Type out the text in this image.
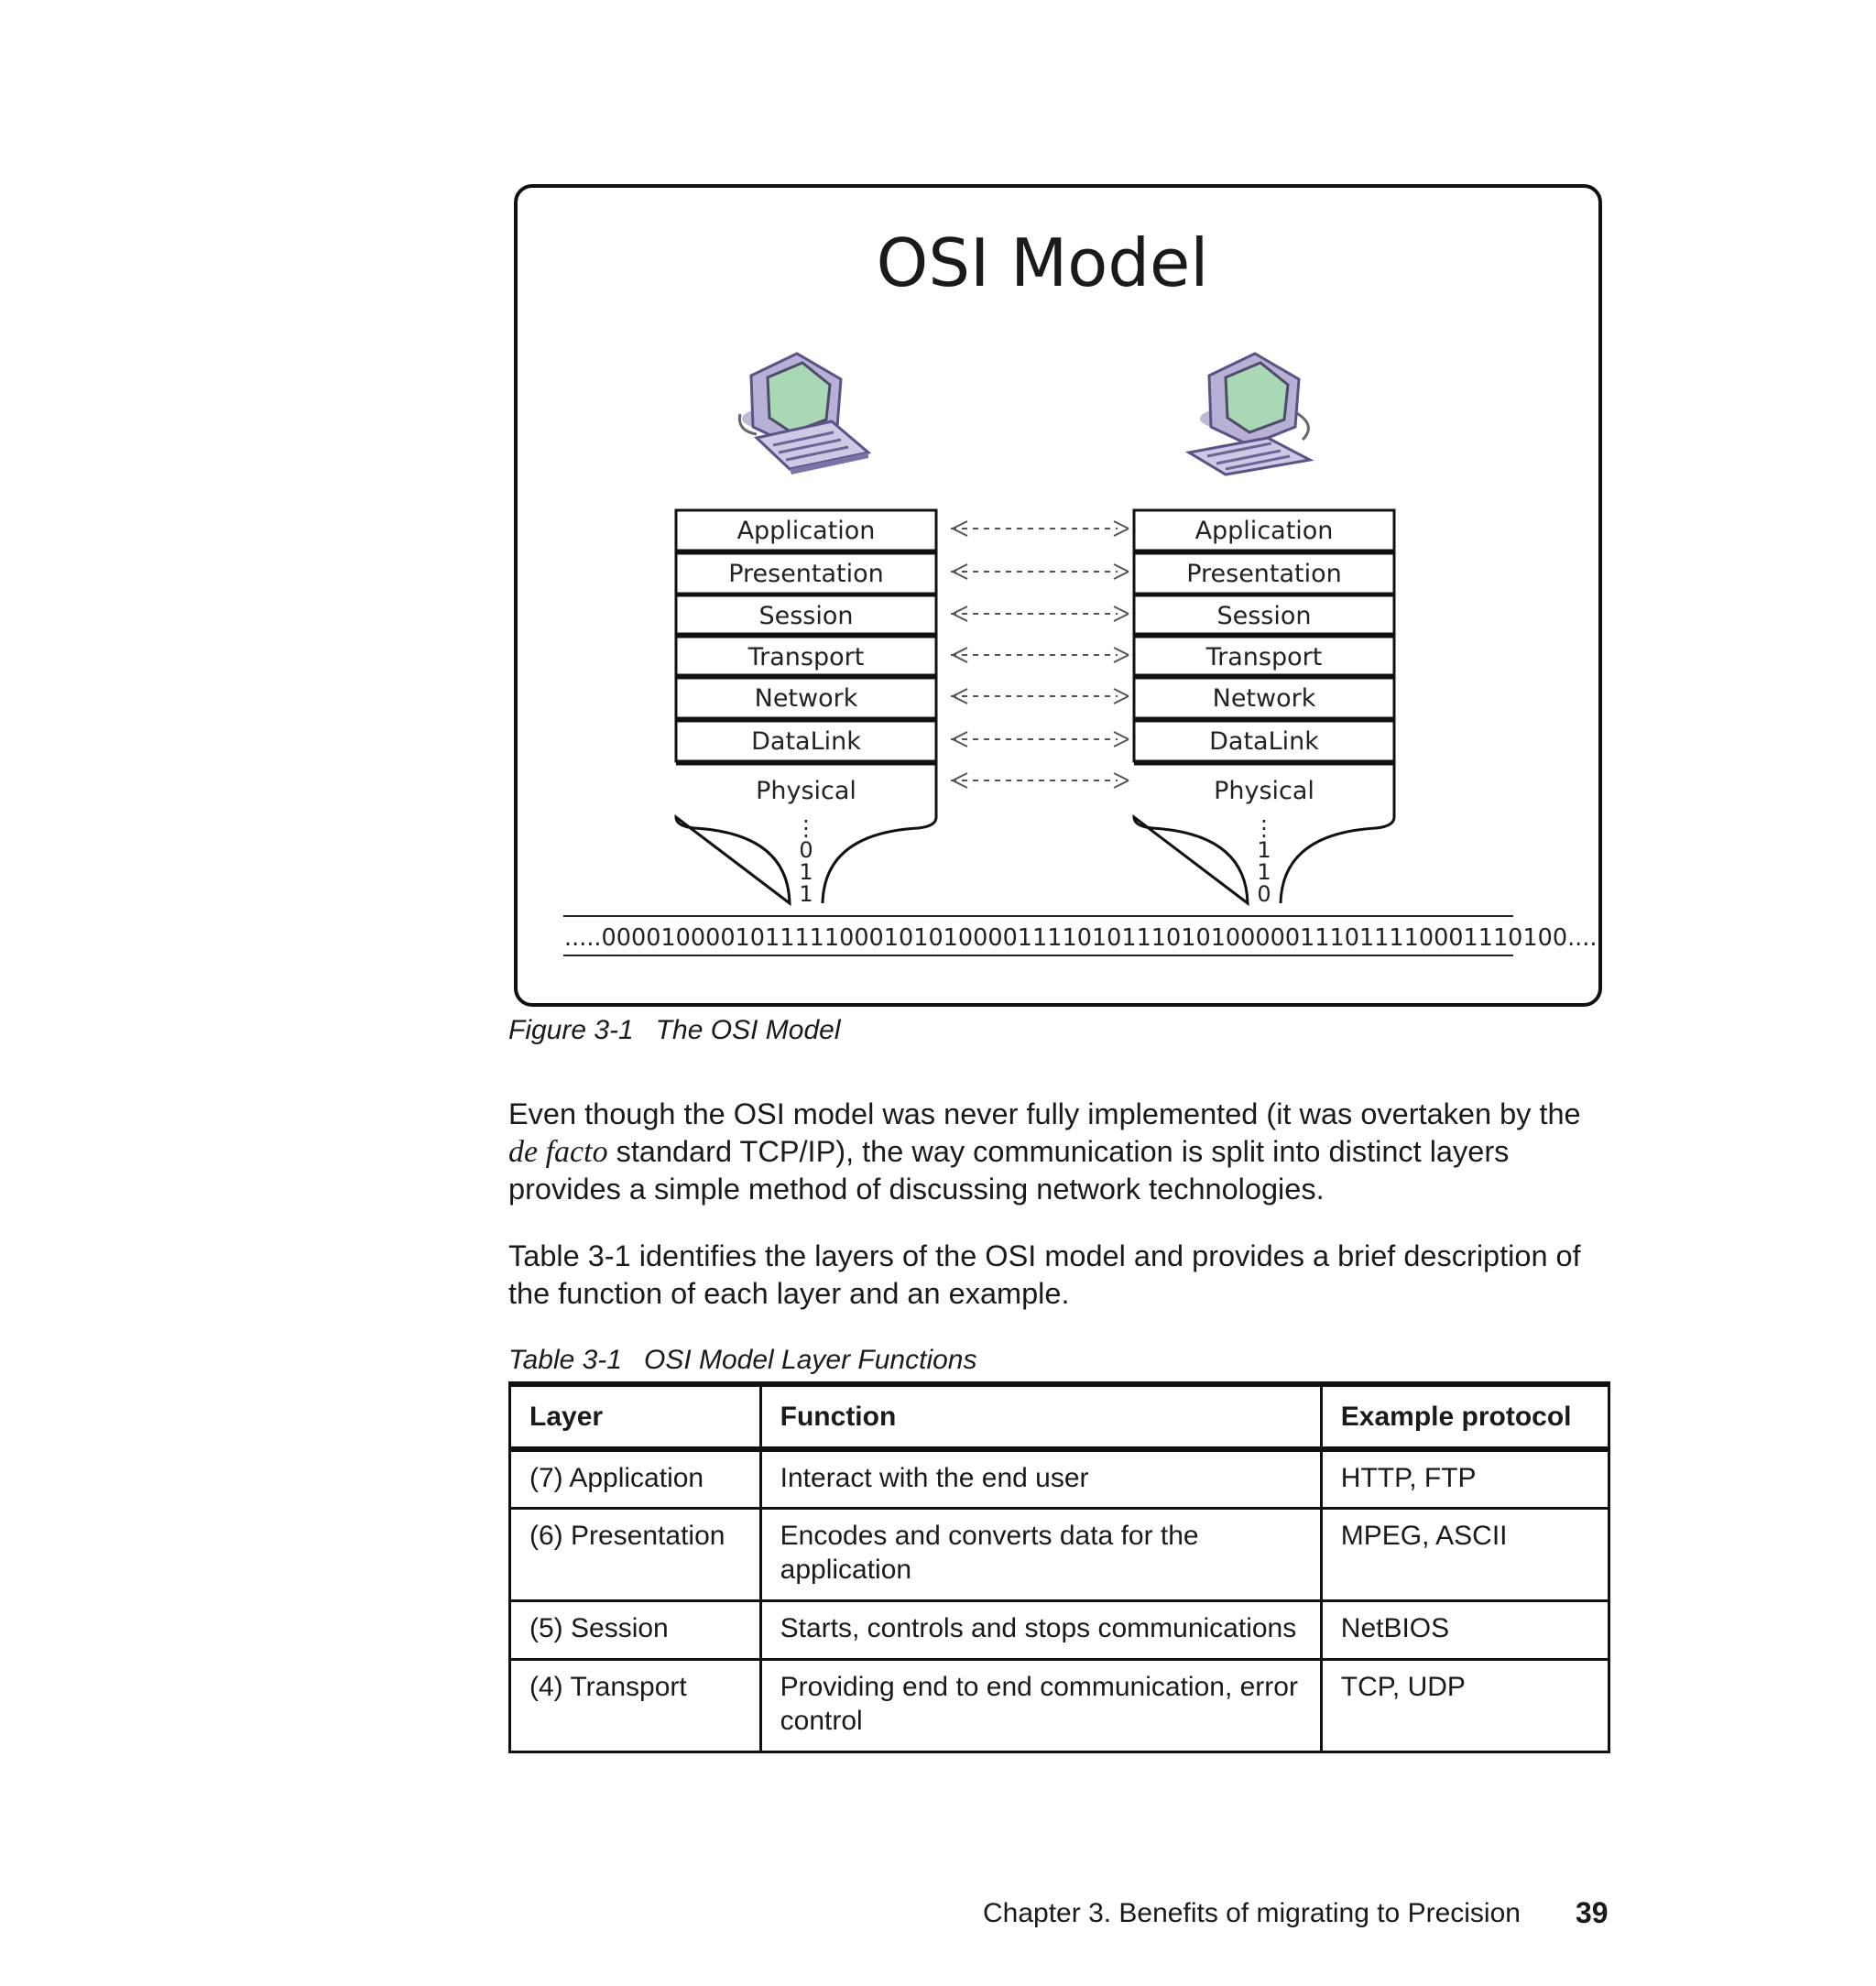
OSI Model
Application
Presentation
Session
Transport
Network
DataLink
Physical
Application
Presentation
Session
Transport
Network
DataLink
Physical
⋮
0
1
1
⋮
1
1
0
.....00001000010111110001010100001111010111010100000111011110001110100....
Figure 3-1 The OSI Model

Even though the OSI model was never fully implemented (it was overtaken by the de facto standard TCP/IP), the way communication is split into distinct layers provides a simple method of discussing network technologies.

Table 3-1 identifies the layers of the OSI model and provides a brief description of the function of each layer and an example.

Table 3-1 OSI Model Layer Functions
Layer	Function	Example protocol
(7) Application	Interact with the end user	HTTP, FTP
(6) Presentation	Encodes and converts data for the application	MPEG, ASCII
(5) Session	Starts, controls and stops communications	NetBIOS
(4) Transport	Providing end to end communication, error control	TCP, UDP
Chapter 3. Benefits of migrating to Precision 39
